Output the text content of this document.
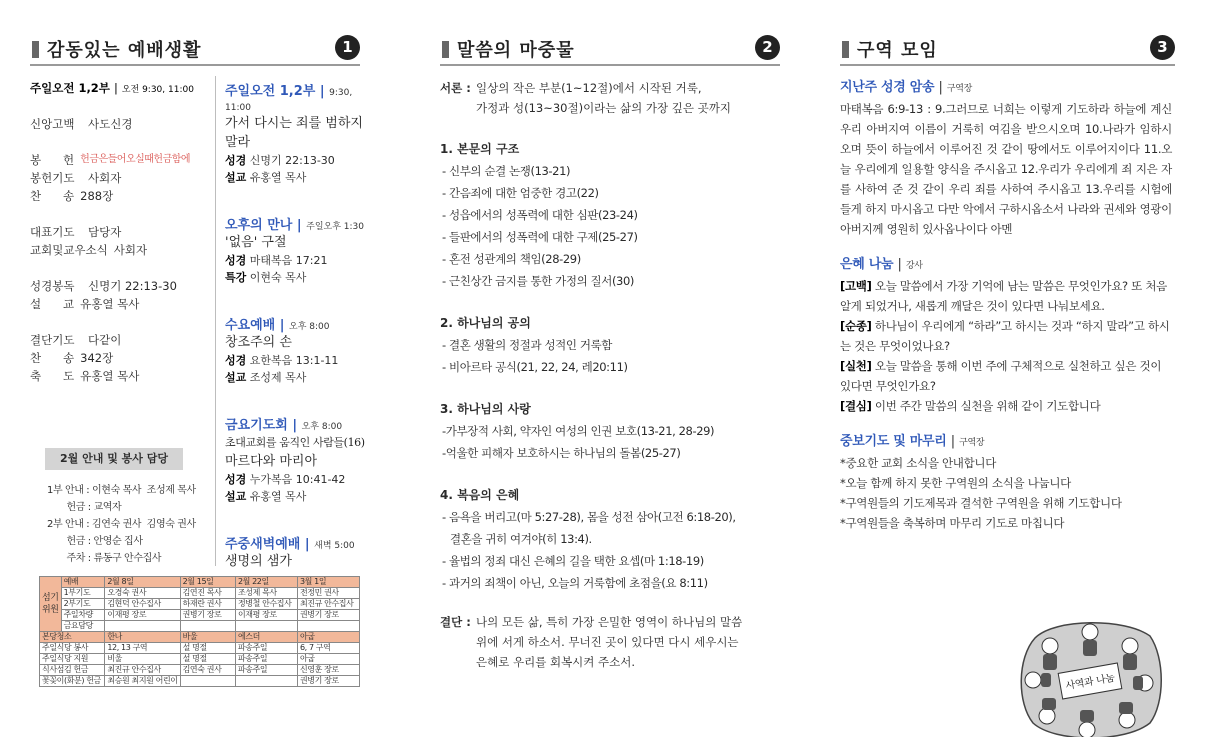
감동있는 예배생활	1
주일오전 1,2부 | 오전 9:30, 11:00
신앙고백	사도신경
봉      헌 헌금은들어오실때헌금함에
봉헌기도	사회자
찬      송 288장
대표기도	담당자
교회및교우소식 사회자
성경봉독	신명기 22:13-30
설      교 유홍열 목사
결단기도	다같이
찬      송 342장
축      도 유홍열 목사
주일오전 1,2부 | 9:30, 11:00
가서 다시는 죄를 범하지 말라
성경 신명기 22:13-30
설교 유홍열 목사
오후의 만나 | 주일오후 1:30
'없음' 구절
성경 마태복음 17:21
특강 이현숙 목사
수요예배 | 오후 8:00
창조주의 손
성경 요한복음 13:1-11
설교 조성제 목사
금요기도회 | 오후 8:00
초대교회를 움직인 사람들(16)
마르다와 마리아
성경 누가복음 10:41-42
설교 유홍열 목사
주중새벽예배 | 새벽 5:00
생명의 샘가
2월 안내 및 봉사 담당
1부 안내 : 이현숙 목사  조성제 목사
헌금 : 교역자
2부 안내 : 김연숙 권사  김영숙 권사
헌금 : 안영순 집사
주차 : 류동구 안수집사
섬기
위원	예배	2월 8일	2월 15일	2월 22일	3월 1일
	1부기도	오경숙 권사	김연진 목사	조성제 목사	전정민 권사
	2부기도	김현덕 안수집사	하재란 권사	정병철 안수집사	최진규 안수집사
	주일차량	이재평 장로	권병기 장로	이재평 장로	권병기 장로
	금요담당				
본당청소		한나	바울	에스더	아굽
주일식당 봉사		12, 13 구역	설 명절	파송주일	6, 7 구역
주일식당 지원		비울	설 명절	파송주일	아굽
식사섬김 헌금		최진규 안수집사	김연숙 권사	파송주일	신영훈 장로
꽃꽂이(화분) 헌금		최승원 최지원 어린이			권병기 장로
말씀의 마중물	2
서론 : 일상의 작은 부분(1~12절)에서 시작된 거룩,
가정과 성(13~30절)이라는 삶의 가장 깊은 곳까지
1. 본문의 구조
- 신부의 순결 논쟁(13-21)
- 간음죄에 대한 엄중한 경고(22)
- 성읍에서의 성폭력에 대한 심판(23-24)
- 들판에서의 성폭력에 대한 구제(25-27)
- 혼전 성관계의 책임(28-29)
- 근친상간 금지를 통한 가정의 질서(30)
2. 하나님의 공의
- 결혼 생활의 정절과 성적인 거룩함
- 비아르타 공식(21, 22, 24, 레20:11)
3. 하나님의 사랑
-가부장적 사회, 약자인 여성의 인권 보호(13-21, 28-29)
-억울한 피해자 보호하시는 하나님의 돌봄(25-27)
4. 복음의 은혜
- 음욕을 버리고(마 5:27-28), 몸을 성전 삼아(고전 6:18-20),
결혼을 귀히 여겨야(히 13:4).
- 율법의 정죄 대신 은혜의 길을 택한 요셉(마 1:18-19)
- 과거의 죄책이 아닌, 오늘의 거룩함에 초점을(요 8:11)
결단 : 나의 모든 삶, 특히 가장 은밀한 영역이 하나님의 말씀
위에 서게 하소서. 무너진 곳이 있다면 다시 세우시는
은혜로 우리를 회복시켜 주소서.
구역 모임	3
지난주 성경 암송 | 구역장
마태복음 6:9-13 : 9.그러므로 너희는 이렇게 기도하라 하늘에 계신 우리 아버지여 이름이 거룩히 여김을 받으시오며 10.나라가 임하시오며 뜻이 하늘에서 이루어진 것 같이 땅에서도 이루어지이다 11.오늘 우리에게 일용할 양식을 주시옵고 12.우리가 우리에게 죄 지은 자를 사하여 준 것 같이 우리 죄를 사하여 주시옵고 13.우리를 시험에 들게 하지 마시옵고 다만 악에서 구하시옵소서 나라와 권세와 영광이 아버지께 영원히 있사옵나이다 아멘
은혜 나눔 | 강사
[고백] 오늘 말씀에서 가장 기억에 남는 말씀은 무엇인가요? 또 처음 알게 되었거나, 새롭게 깨달은 것이 있다면 나눠보세요.
[순종] 하나님이 우리에게 “하라”고 하시는 것과 “하지 말라”고 하시는 것은 무엇이었나요?
[실천] 오늘 말씀을 통해 이번 주에 구체적으로 실천하고 싶은 것이 있다면 무엇인가요?
[결심] 이번 주간 말씀의 실천을 위해 같이 기도합니다
중보기도 및 마무리 | 구역장
*중요한 교회 소식을 안내합니다
*오늘 함께 하지 못한 구역원의 소식을 나눕니다
*구역원들의 기도제목과 결석한 구역원을 위해 기도합니다
*구역원들을 축복하며 마무리 기도로 마칩니다
사역과 나눔
